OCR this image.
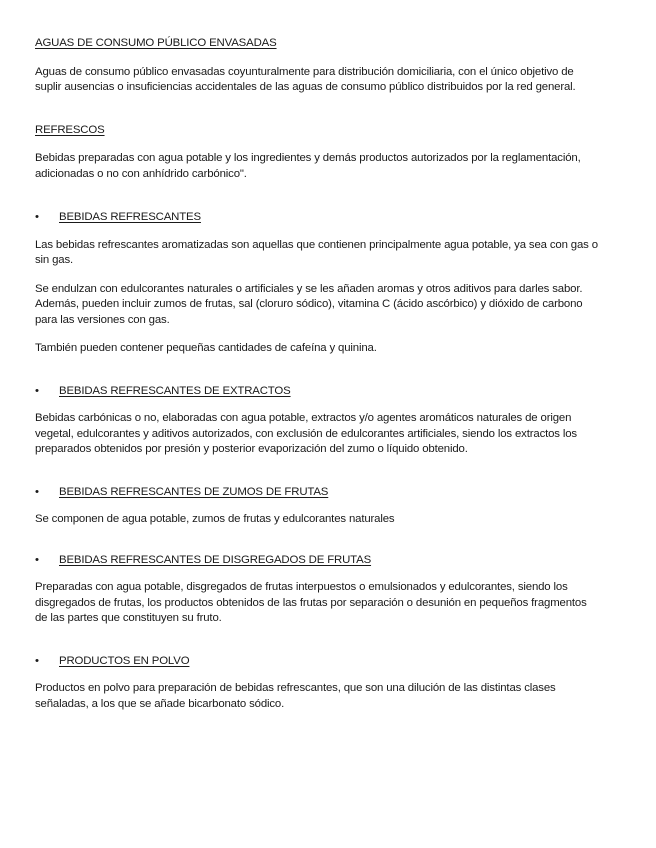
AGUAS DE CONSUMO PÚBLICO ENVASADAS

Aguas de consumo público envasadas coyunturalmente para distribución domiciliaria, con el único objetivo de suplir ausencias o insuficiencias accidentales de las aguas de consumo público distribuidos por la red general.

REFRESCOS

Bebidas preparadas con agua potable y los ingredientes y demás productos autorizados por la reglamentación, adicionadas o no con anhídrido carbónico".

•	BEBIDAS REFRESCANTES

Las bebidas refrescantes aromatizadas son aquellas que contienen principalmente agua potable, ya sea con gas o sin gas.

Se endulzan con edulcorantes naturales o artificiales y se les añaden aromas y otros aditivos para darles sabor. Además, pueden incluir zumos de frutas, sal (cloruro sódico), vitamina C (ácido ascórbico) y dióxido de carbono para las versiones con gas.

También pueden contener pequeñas cantidades de cafeína y quinina.

•	BEBIDAS REFRESCANTES DE EXTRACTOS

Bebidas carbónicas o no, elaboradas con agua potable, extractos y/o agentes aromáticos naturales de origen vegetal, edulcorantes y aditivos autorizados, con exclusión de edulcorantes artificiales, siendo los extractos los preparados obtenidos por presión y posterior evaporización del zumo o líquido obtenido.

•	BEBIDAS REFRESCANTES DE ZUMOS DE FRUTAS

Se componen de agua potable, zumos de frutas y edulcorantes naturales

•	BEBIDAS REFRESCANTES DE DISGREGADOS DE FRUTAS

Preparadas con agua potable, disgregados de frutas interpuestos o emulsionados y edulcorantes, siendo los disgregados de frutas, los productos obtenidos de las frutas por separación o desunión en pequeños fragmentos de las partes que constituyen su fruto.

•	PRODUCTOS EN POLVO

Productos en polvo para preparación de bebidas refrescantes, que son una dilución de las distintas clases señaladas, a los que se añade bicarbonato sódico.
